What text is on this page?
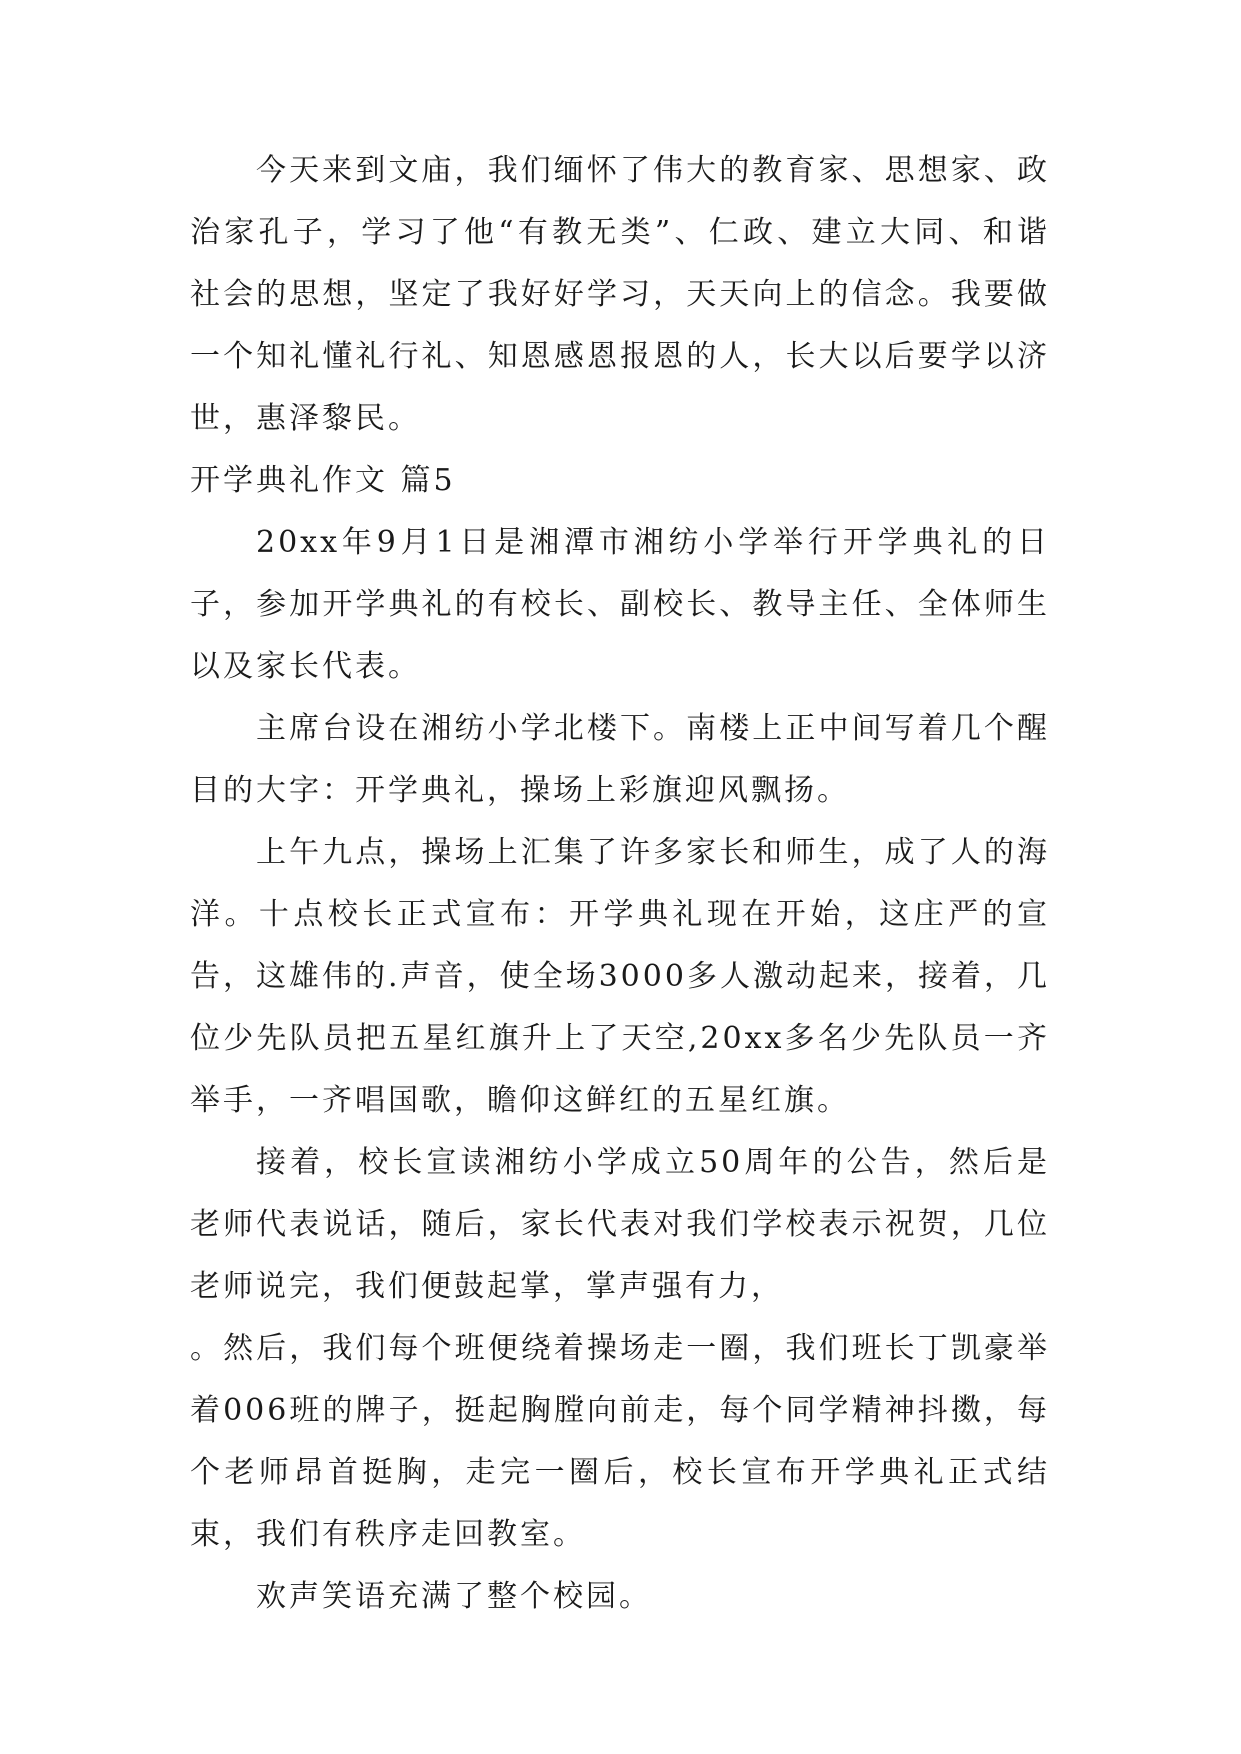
今天来到文庙，我们缅怀了伟大的教育家、思想家、政治家孔子，学习了他“有教无类”、仁政、建立大同、和谐社会的思想，坚定了我好好学习，天天向上的信念。我要做一个知礼懂礼行礼、知恩感恩报恩的人，长大以后要学以济世，惠泽黎民。

开学典礼作文 篇5

20xx年9月1日是湘潭市湘纺小学举行开学典礼的日子，参加开学典礼的有校长、副校长、教导主任、全体师生以及家长代表。

主席台设在湘纺小学北楼下。南楼上正中间写着几个醒目的大字：开学典礼，操场上彩旗迎风飘扬。

上午九点，操场上汇集了许多家长和师生，成了人的海洋。十点校长正式宣布：开学典礼现在开始，这庄严的宣告，这雄伟的.声音，使全场3000多人激动起来，接着，几位少先队员把五星红旗升上了天空,20xx多名少先队员一齐举手，一齐唱国歌，瞻仰这鲜红的五星红旗。

接着，校长宣读湘纺小学成立50周年的公告，然后是老师代表说话，随后，家长代表对我们学校表示祝贺，几位老师说完，我们便鼓起掌，掌声强有力，

。然后，我们每个班便绕着操场走一圈，我们班长丁凯豪举着006班的牌子，挺起胸膛向前走，每个同学精神抖擞，每个老师昂首挺胸，走完一圈后，校长宣布开学典礼正式结束，我们有秩序走回教室。

欢声笑语充满了整个校园。
